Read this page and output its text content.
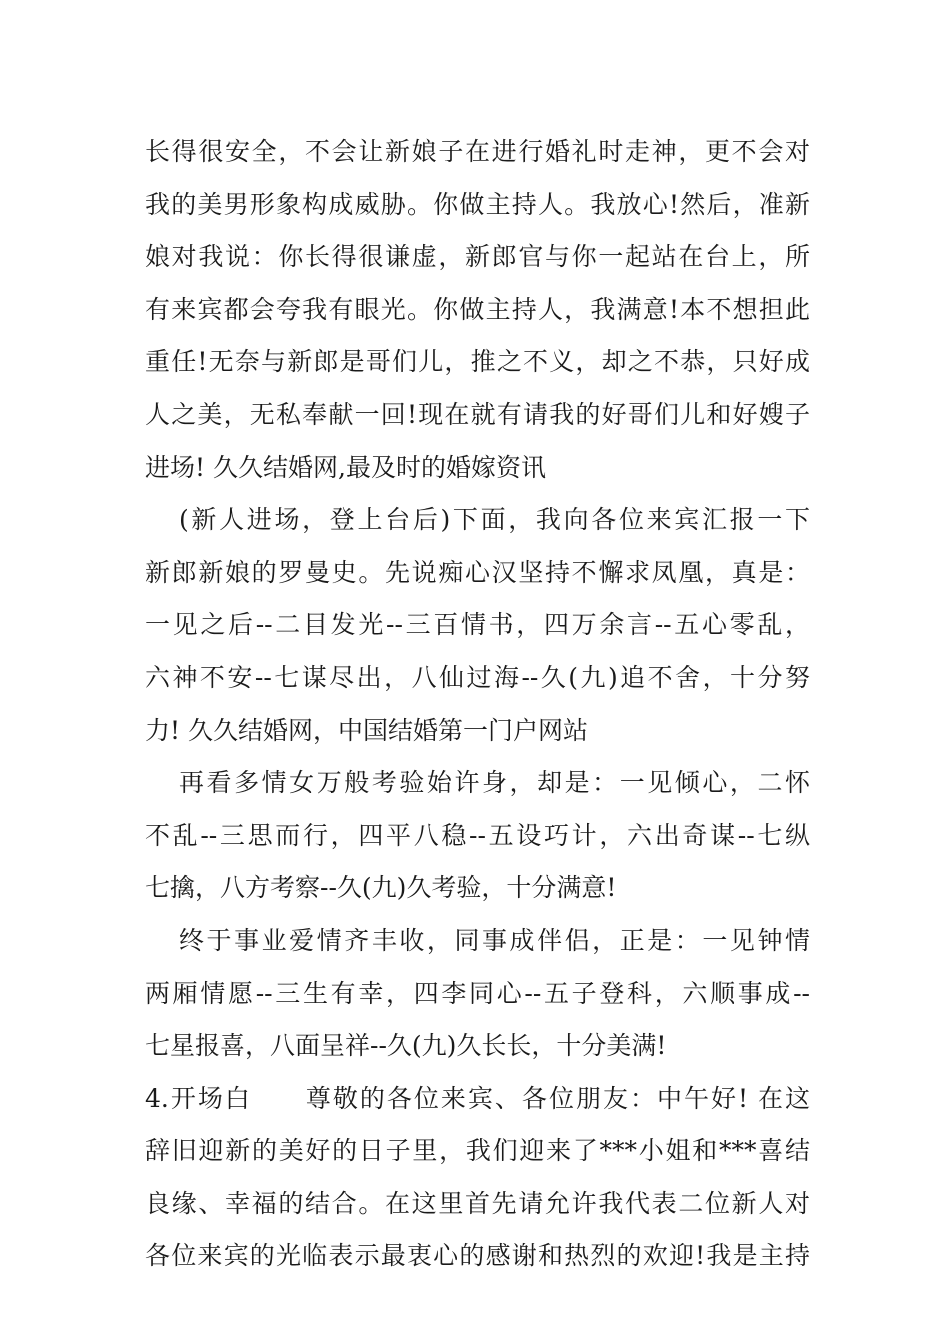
长得很安全，不会让新娘子在进行婚礼时走神，更不会对
我的美男形象构成威胁。你做主持人。我放心!然后，准新
娘对我说：你长得很谦虚，新郎官与你一起站在台上，所
有来宾都会夸我有眼光。你做主持人，我满意!本不想担此
重任!无奈与新郎是哥们儿，推之不义，却之不恭，只好成
人之美，无私奉献一回!现在就有请我的好哥们儿和好嫂子
进场! 久久结婚网,最及时的婚嫁资讯
(新人进场，登上台后)下面，我向各位来宾汇报一下
新郎新娘的罗曼史。先说痴心汉坚持不懈求凤凰，真是：
一见之后--二目发光--三百情书，四万余言--五心零乱，
六神不安--七谋尽出，八仙过海--久(九)追不舍，十分努
力! 久久结婚网，中国结婚第一门户网站
再看多情女万般考验始许身，却是：一见倾心，二怀
不乱--三思而行，四平八稳--五设巧计，六出奇谋--七纵
七擒，八方考察--久(九)久考验，十分满意!
终于事业爱情齐丰收，同事成伴侣，正是：一见钟情
两厢情愿--三生有幸，四李同心--五子登科，六顺事成--
七星报喜，八面呈祥--久(九)久长长，十分美满!
4.开场白　　尊敬的各位来宾、各位朋友：中午好! 在这
辞旧迎新的美好的日子里，我们迎来了***小姐和***喜结
良缘、幸福的结合。在这里首先请允许我代表二位新人对
各位来宾的光临表示最衷心的感谢和热烈的欢迎!我是主持
